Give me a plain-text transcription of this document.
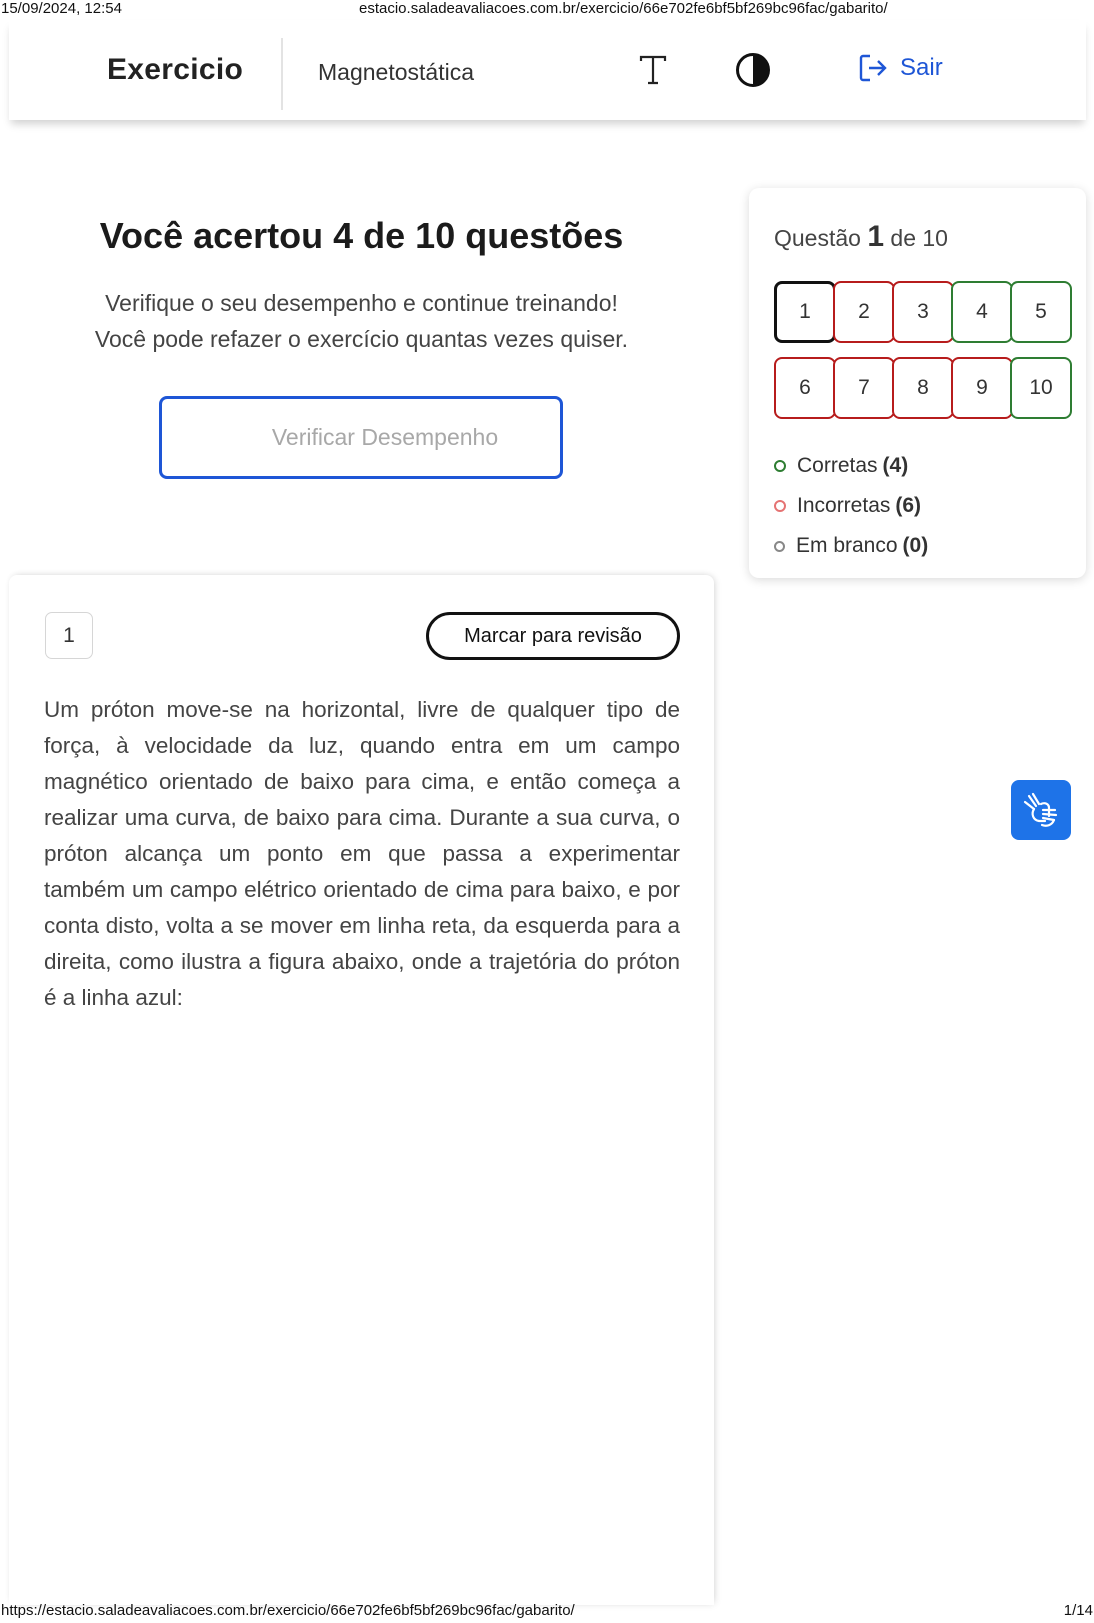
15/09/2024, 12:54	estacio.saladeavaliacoes.com.br/exercicio/66e702fe6bf5bf269bc96fac/gabarito/
Exercicio	Magnetostática	Sair
Você acertou 4 de 10 questões
Verifique o seu desempenho e continue treinando!
Você pode refazer o exercício quantas vezes quiser.
Verificar Desempenho
Questão 1 de 10
1	2	3	4	5
6	7	8	9	10
Corretas (4)
Incorretas (6)
Em branco (0)
1	Marcar para revisão
Um próton move-se na horizontal, livre de qualquer tipo de força, à velocidade da luz, quando entra em um campo magnético orientado de baixo para cima, e então começa a realizar uma curva, de baixo para cima. Durante a sua curva, o próton alcança um ponto em que passa a experimentar também um campo elétrico orientado de cima para baixo, e por conta disto, volta a se mover em linha reta, da esquerda para a direita, como ilustra a figura abaixo, onde a trajetória do próton é a linha azul:
https://estacio.saladeavaliacoes.com.br/exercicio/66e702fe6bf5bf269bc96fac/gabarito/	1/14
